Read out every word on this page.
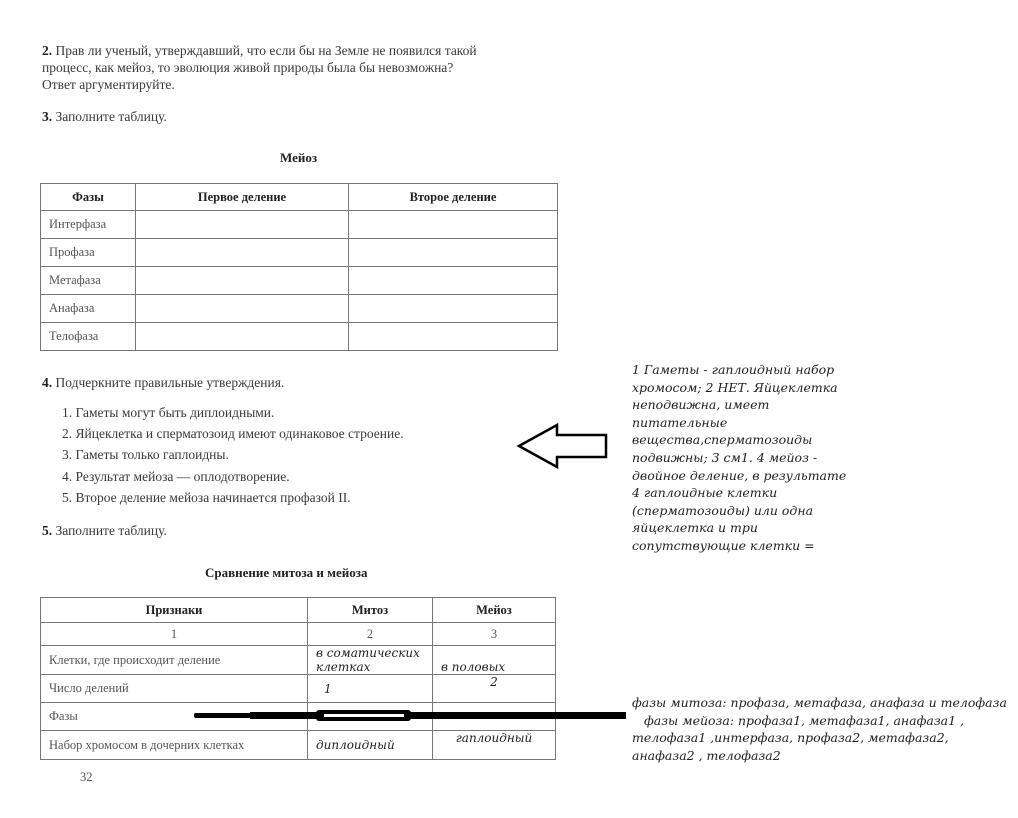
2. Прав ли ученый, утверждавший, что если бы на Земле не появился такой
процесс, как мейоз, то эволюция живой природы была бы невозможна?
Ответ аргументируйте.
3. Заполните таблицу.
Мейоз
Фазы	Первое деление	Второе деление
Интерфаза		
Профаза		
Метафаза		
Анафаза		
Телофаза		
4. Подчеркните правильные утверждения.
1. Гаметы могут быть диплоидными.
2. Яйцеклетка и сперматозоид имеют одинаковое строение.
3. Гаметы только гаплоидны.
4. Результат мейоза — оплодотворение.
5. Второе деление мейоза начинается профазой II.
1 Гаметы - гаплоидный набор хромосом; 2 НЕТ. Яйцеклетка неподвижна, имеет питательные вещества,сперматозоиды подвижны; 3 см1. 4 мейоз - двойное деление, в результате 4 гаплоидные клетки (сперматозоиды) или одна яйцеклетка и три сопутствующие клетки =
5. Заполните таблицу.
Сравнение митоза и мейоза
Признаки	Митоз	Мейоз
1	2	3
Клетки, где происходит деление	в соматических клетках	в половых
Число делений	1	2
Фазы		
Набор хромосом в дочерних клетках	диплоидный	гаплоидный
32
фазы митоза: профаза, метафаза, анафаза и телофаза
фазы мейоза: профаза1, метафаза1, анафаза1 , телофаза1 ,интерфаза, профаза2, метафаза2, анафаза2 , телофаза2
